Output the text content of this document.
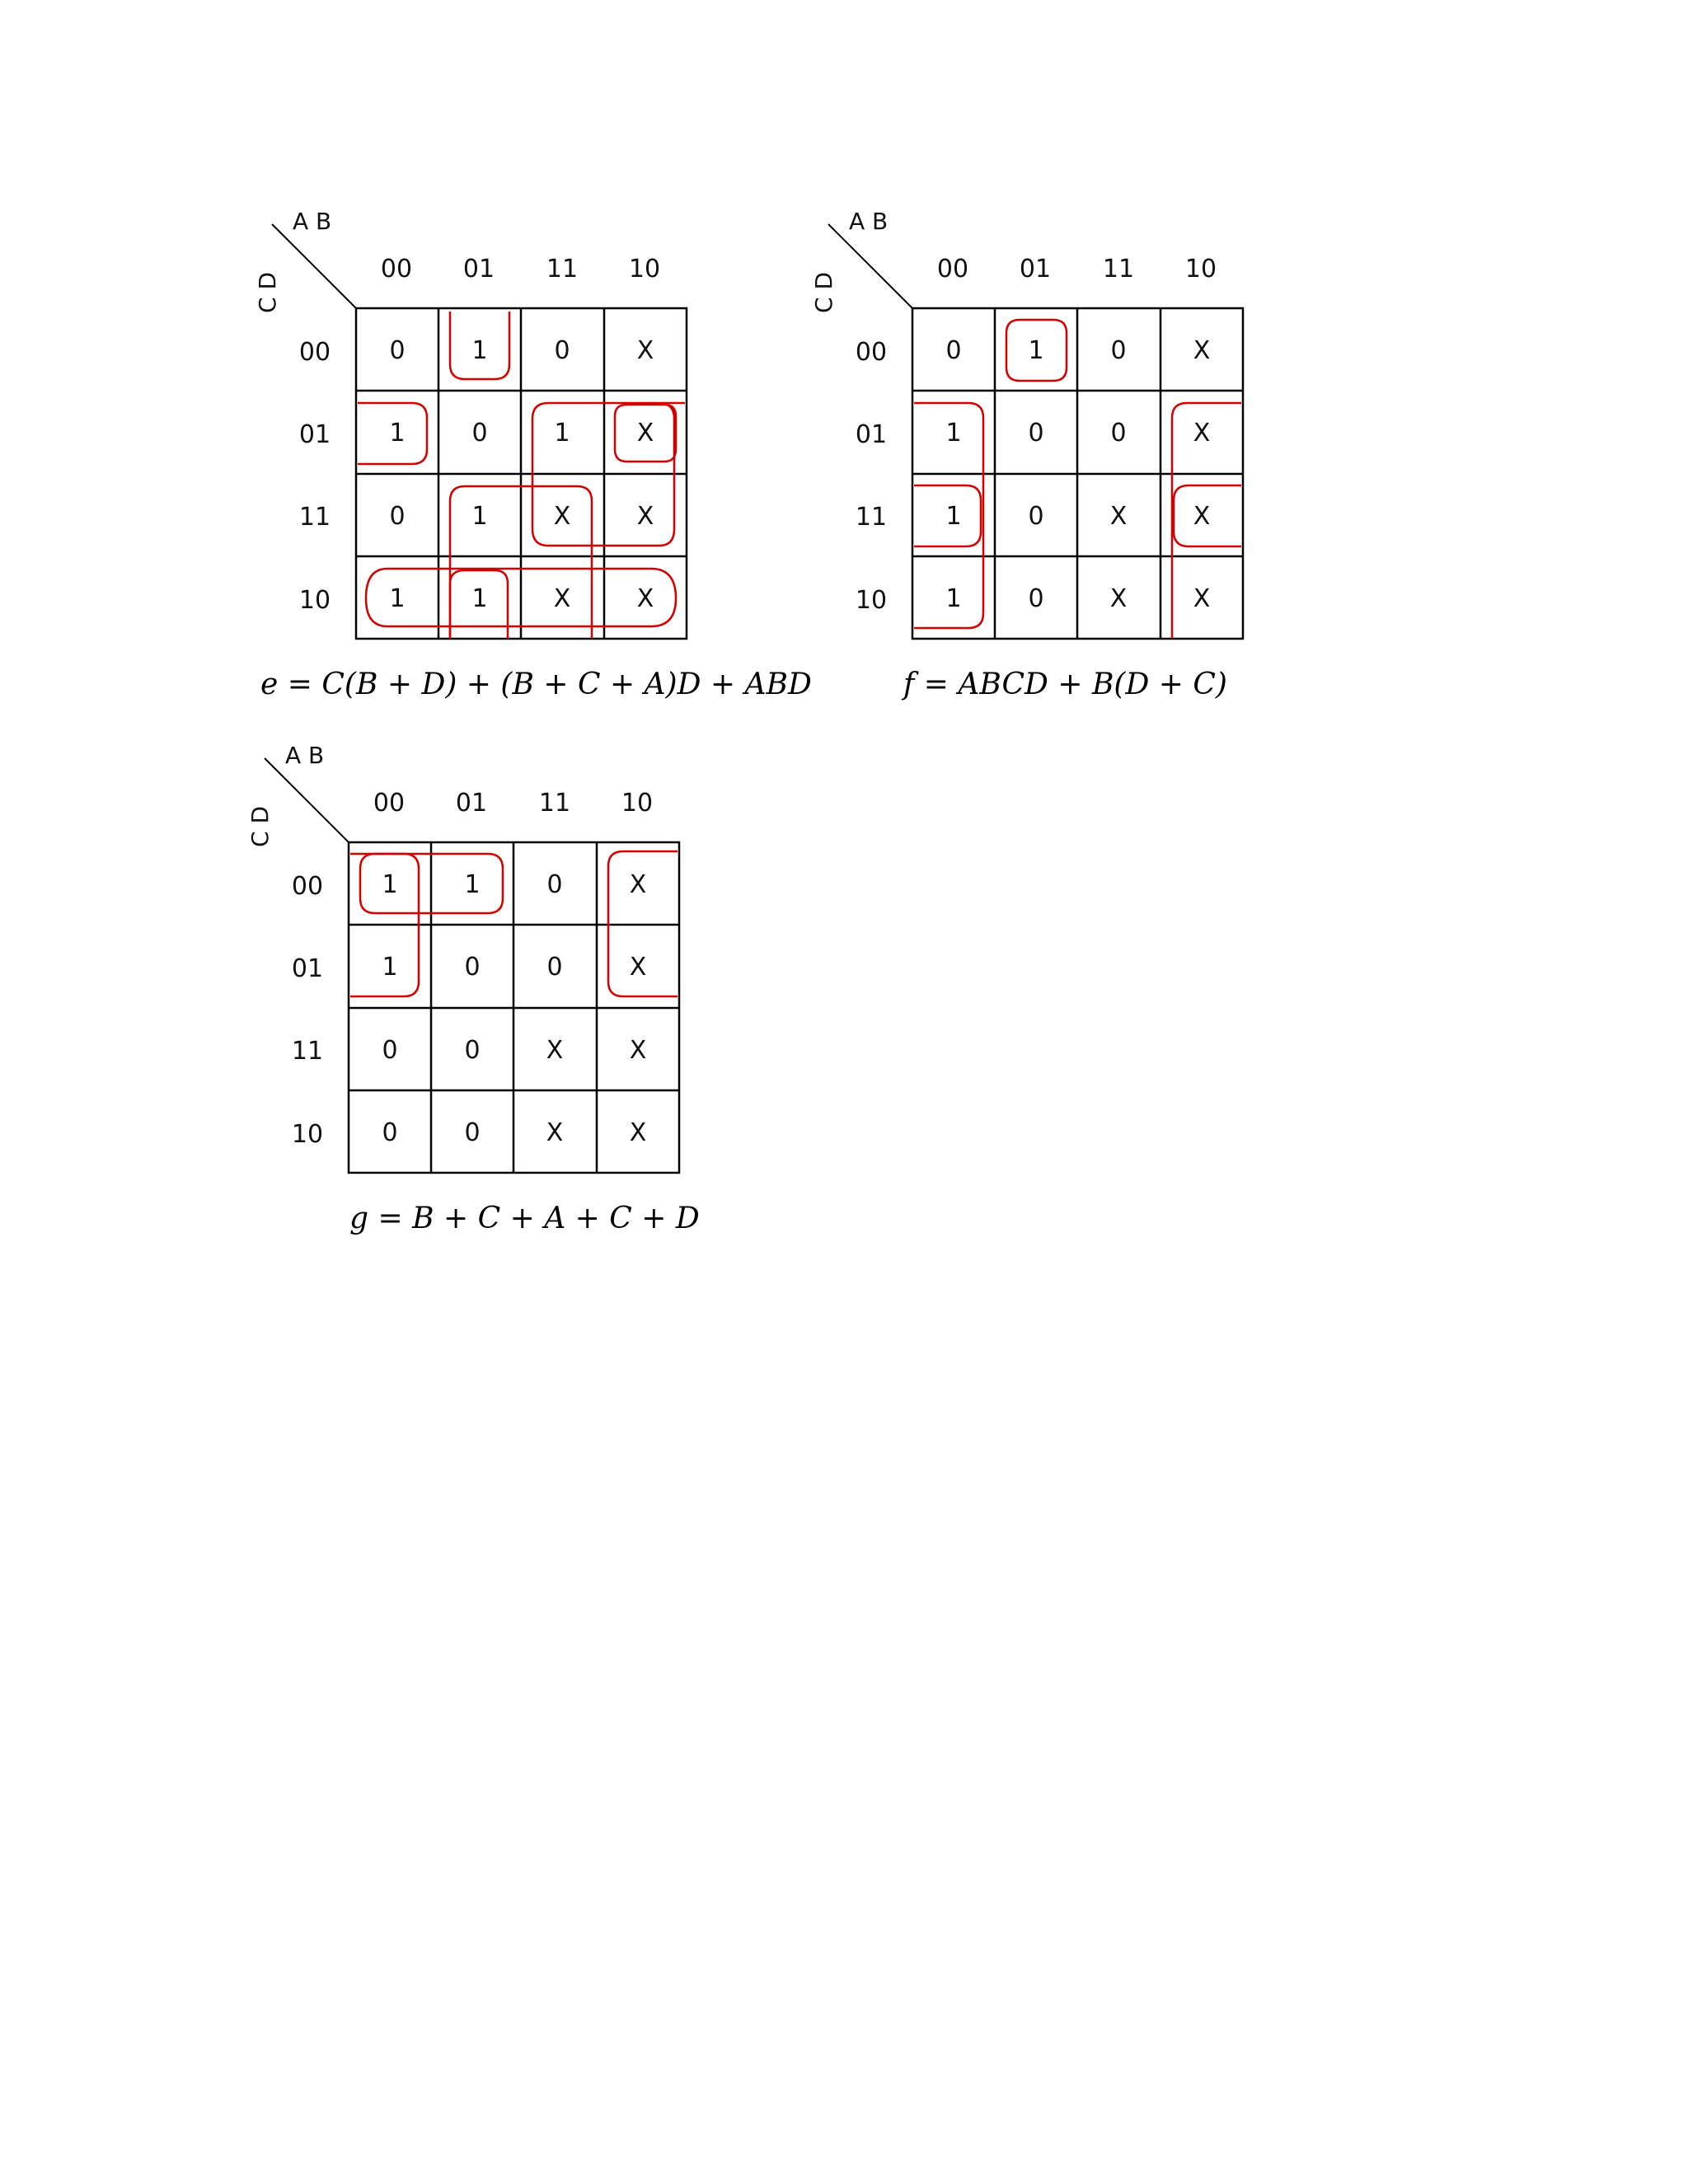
A B
C D
00 01 11 10
00
01
11
10
0	1	0	X
1	0	1	X
0	1	X	X
1	1	X	X
e = C(B + D) + (B + C + A)D + ABD
A B
C D
00 01 11 10
00
01
11
10
0	1	0	X
1	0	0	X
1	0	X	X
1	0	X	X
f = ABCD + B(D + C)
A B
C D
00 01 11 10
00
01
11
10
1	1	0	X
1	0	0	X
0	0	X	X
0	0	X	X
g = B + C + A + C + D
